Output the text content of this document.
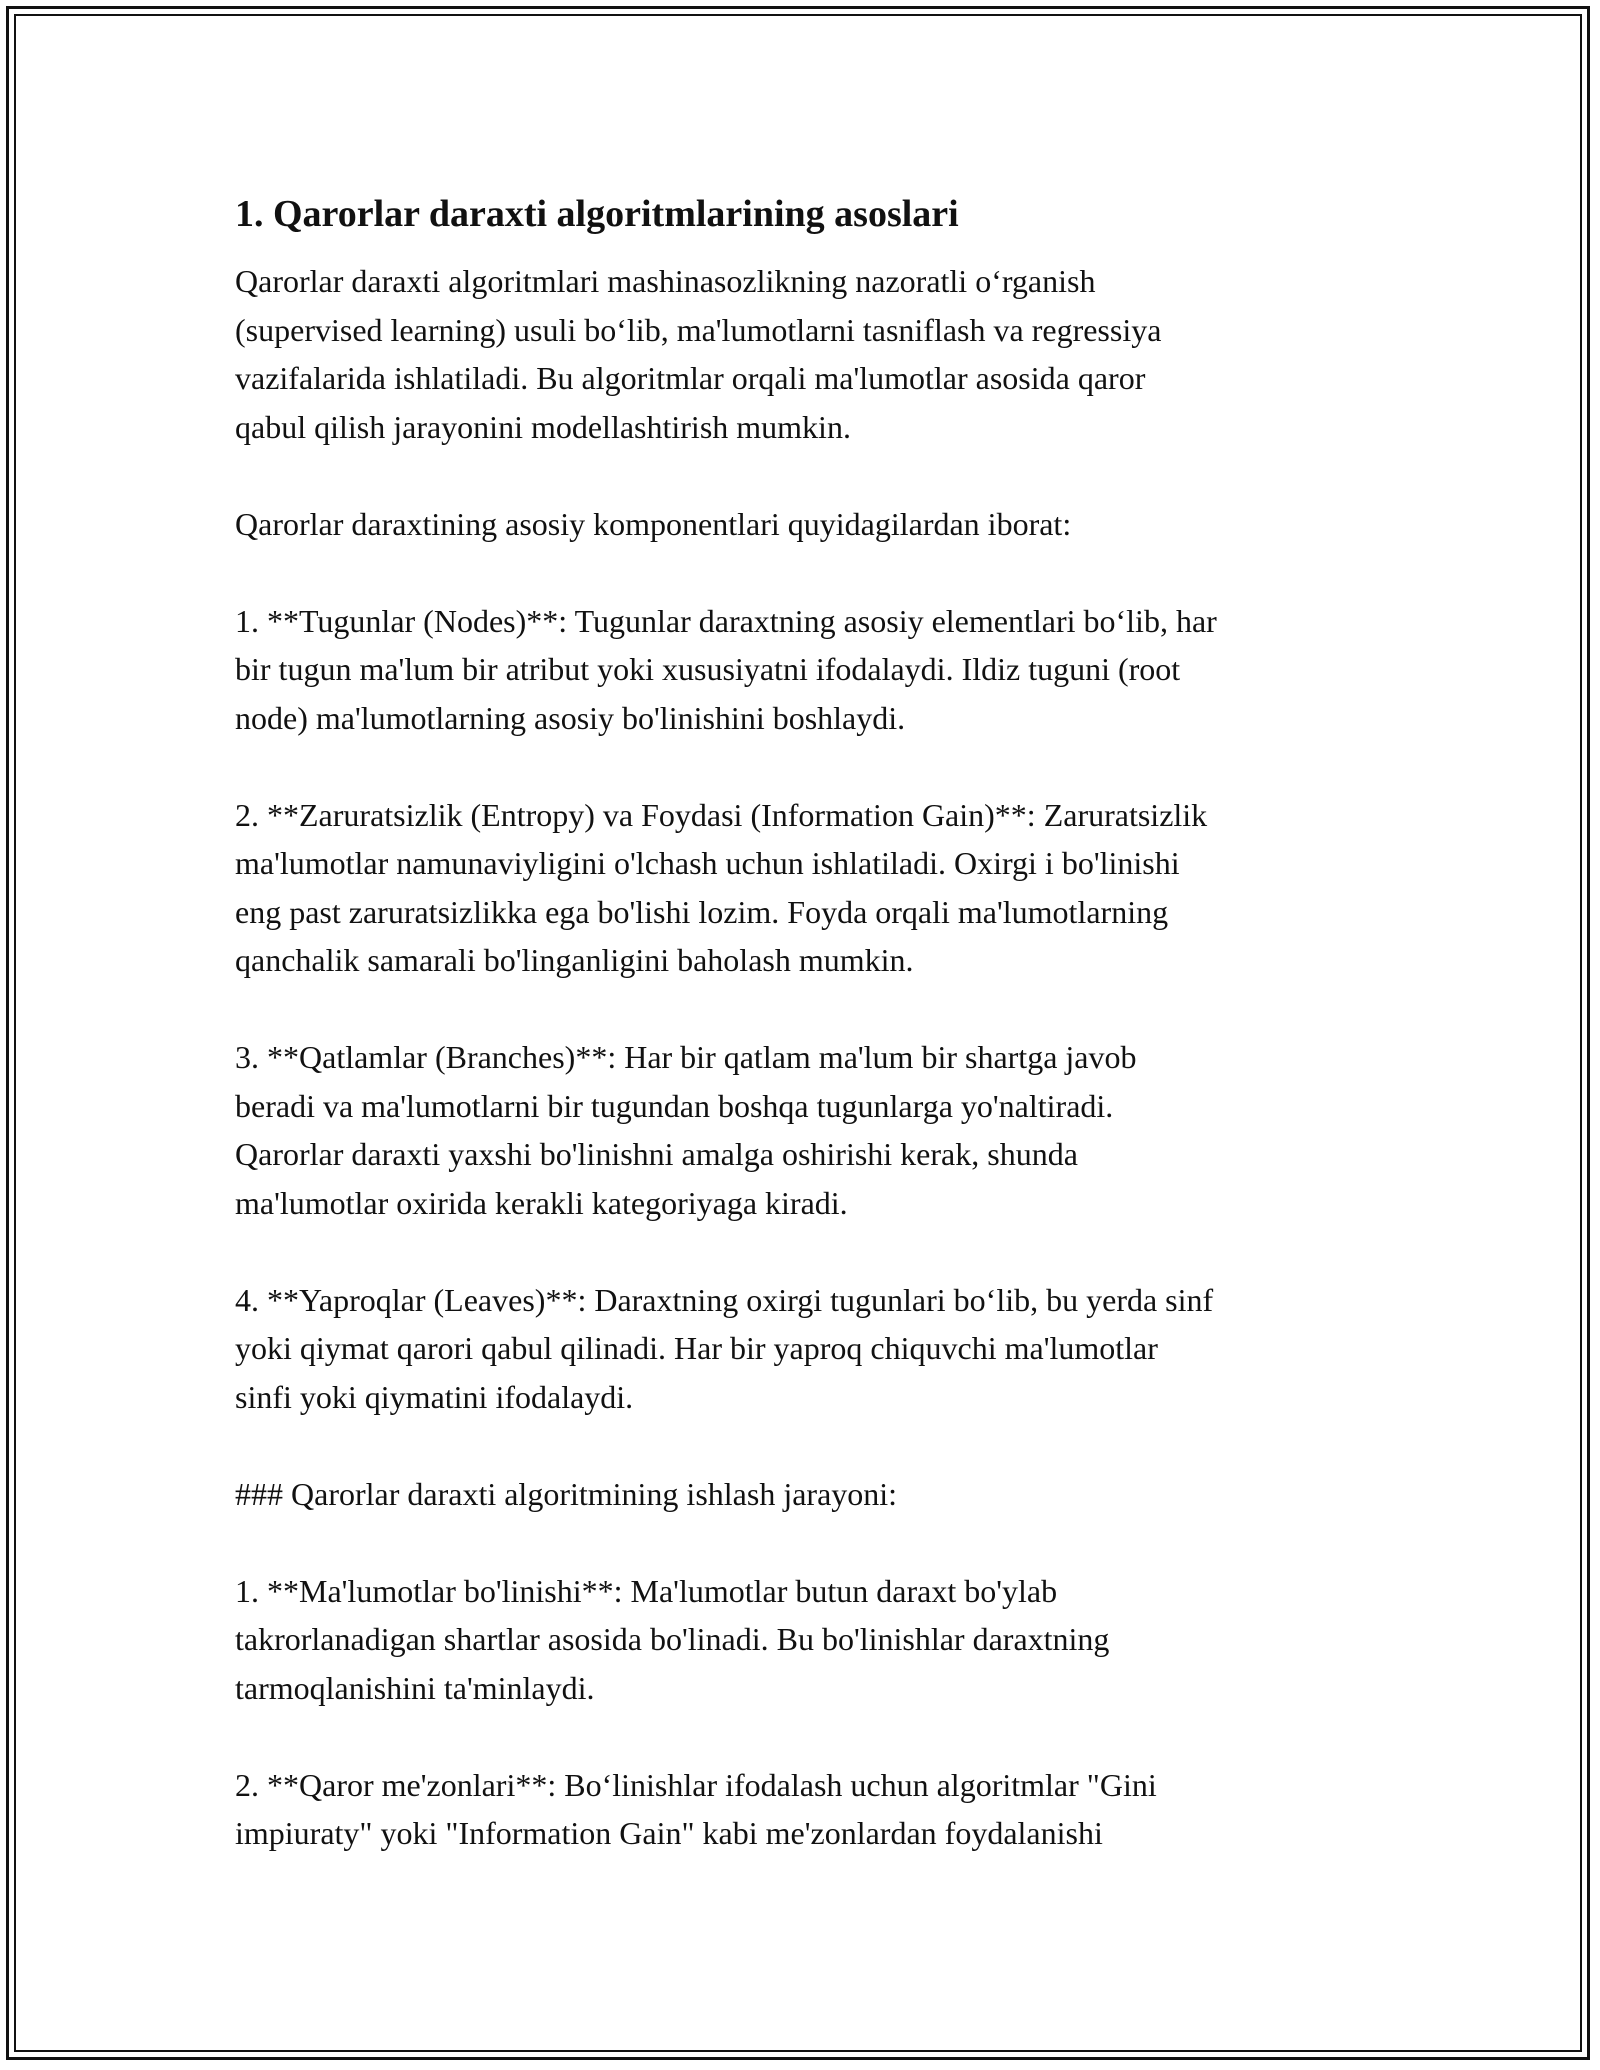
1. Qarorlar daraxti algoritmlarining asoslari

Qarorlar daraxti algoritmlari mashinasozlikning nazoratli o‘rganish
(supervised learning) usuli bo‘lib, ma'lumotlarni tasniflash va regressiya
vazifalarida ishlatiladi. Bu algoritmlar orqali ma'lumotlar asosida qaror
qabul qilish jarayonini modellashtirish mumkin.

Qarorlar daraxtining asosiy komponentlari quyidagilardan iborat:

1. **Tugunlar (Nodes)**: Tugunlar daraxtning asosiy elementlari bo‘lib, har
bir tugun ma'lum bir atribut yoki xususiyatni ifodalaydi. Ildiz tuguni (root
node) ma'lumotlarning asosiy bo'linishini boshlaydi.

2. **Zaruratsizlik (Entropy) va Foydasi (Information Gain)**: Zaruratsizlik
ma'lumotlar namunaviyligini o'lchash uchun ishlatiladi. Oxirgi i bo'linishi
eng past zaruratsizlikka ega bo'lishi lozim. Foyda orqali ma'lumotlarning
qanchalik samarali bo'linganligini baholash mumkin.

3. **Qatlamlar (Branches)**: Har bir qatlam ma'lum bir shartga javob
beradi va ma'lumotlarni bir tugundan boshqa tugunlarga yo'naltiradi.
Qarorlar daraxti yaxshi bo'linishni amalga oshirishi kerak, shunda
ma'lumotlar oxirida kerakli kategoriyaga kiradi.

4. **Yaproqlar (Leaves)**: Daraxtning oxirgi tugunlari bo‘lib, bu yerda sinf
yoki qiymat qarori qabul qilinadi. Har bir yaproq chiquvchi ma'lumotlar
sinfi yoki qiymatini ifodalaydi.

### Qarorlar daraxti algoritmining ishlash jarayoni:

1. **Ma'lumotlar bo'linishi**: Ma'lumotlar butun daraxt bo'ylab
takrorlanadigan shartlar asosida bo'linadi. Bu bo'linishlar daraxtning
tarmoqlanishini ta'minlaydi.

2. **Qaror me'zonlari**: Bo‘linishlar ifodalash uchun algoritmlar "Gini
impiuraty" yoki "Information Gain" kabi me'zonlardan foydalanishi
